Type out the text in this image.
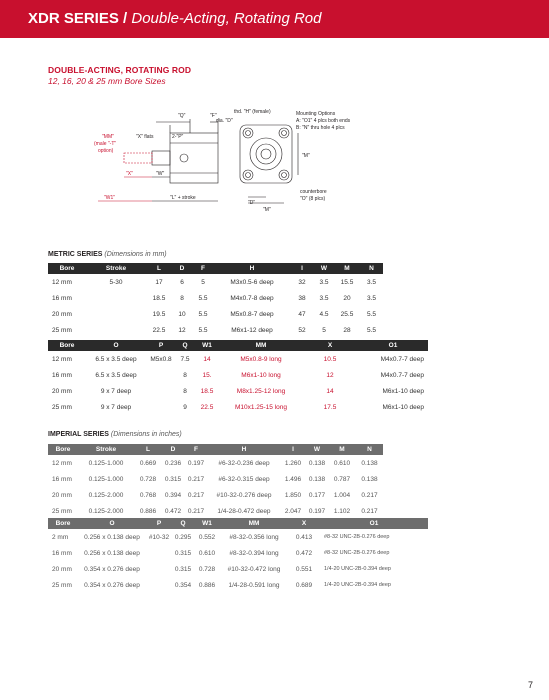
XDR SERIES / Double-Acting, Rotating Rod
DOUBLE-ACTING, ROTATING ROD
12, 16, 20 & 25 mm Bore Sizes
"Q"	"F"
"X" flats	2-"P"
"MM"
(male "-T"
option)
"X"	"W"
"W1"	"L" + stroke
thd. "H" (female)
dia. "D"
Mounting Options
A: "O1" 4 plcs both ends
B: "N" thru hole 4 plcs
"M"
counterbore
"O" (8 plcs)
"D"
"M"
METRIC SERIES (Dimensions in mm)
Bore	Stroke	L	D	F	H	I	W	M	N
12 mm	5-30	17	6	5	M3x0.5-6 deep	32	3.5	15.5	3.5
16 mm		18.5	8	5.5	M4x0.7-8 deep	38	3.5	20	3.5
20 mm		19.5	10	5.5	M5x0.8-7 deep	47	4.5	25.5	5.5
25 mm		22.5	12	5.5	M6x1-12 deep	52	5	28	5.5
Bore	O	P	Q	W1	MM	X	O1
12 mm	6.5 x 3.5 deep	M5x0.8	7.5	14	M5x0.8-9 long	10.5	M4x0.7-7 deep
16 mm	6.5 x 3.5 deep		8	15.	M6x1-10 long	12	M4x0.7-7 deep
20 mm	9 x 7 deep		8	18.5	M8x1.25-12 long	14	M6x1-10 deep
25 mm	9 x 7 deep		9	22.5	M10x1.25-15 long	17.5	M6x1-10 deep
IMPERIAL SERIES (Dimensions in inches)
Bore	Stroke	L	D	F	H	I	W	M	N
12 mm	0.125-1.000	0.669	0.236	0.197	#6-32-0.236 deep	1.260	0.138	0.610	0.138
16 mm	0.125-1.000	0.728	0.315	0.217	#6-32-0.315 deep	1.496	0.138	0.787	0.138
20 mm	0.125-2.000	0.768	0.394	0.217	#10-32-0.276 deep	1.850	0.177	1.004	0.217
25 mm	0.125-2.000	0.886	0.472	0.217	1/4-28-0.472 deep	2.047	0.197	1.102	0.217
Bore	O	P	Q	W1	MM	X	O1
2 mm	0.256 x 0.138 deep	#10-32	0.295	0.552	#8-32-0.356 long	0.413	#8-32 UNC-2B-0.276 deep
16 mm	0.256 x 0.138 deep		0.315	0.610	#8-32-0.394 long	0.472	#8-32 UNC-2B-0.276 deep
20 mm	0.354 x 0.276 deep		0.315	0.728	#10-32-0.472 long	0.551	1/4-20 UNC-2B-0.394 deep
25 mm	0.354 x 0.276 deep		0.354	0.886	1/4-28-0.591 long	0.689	1/4-20 UNC-2B-0.394 deep
7
